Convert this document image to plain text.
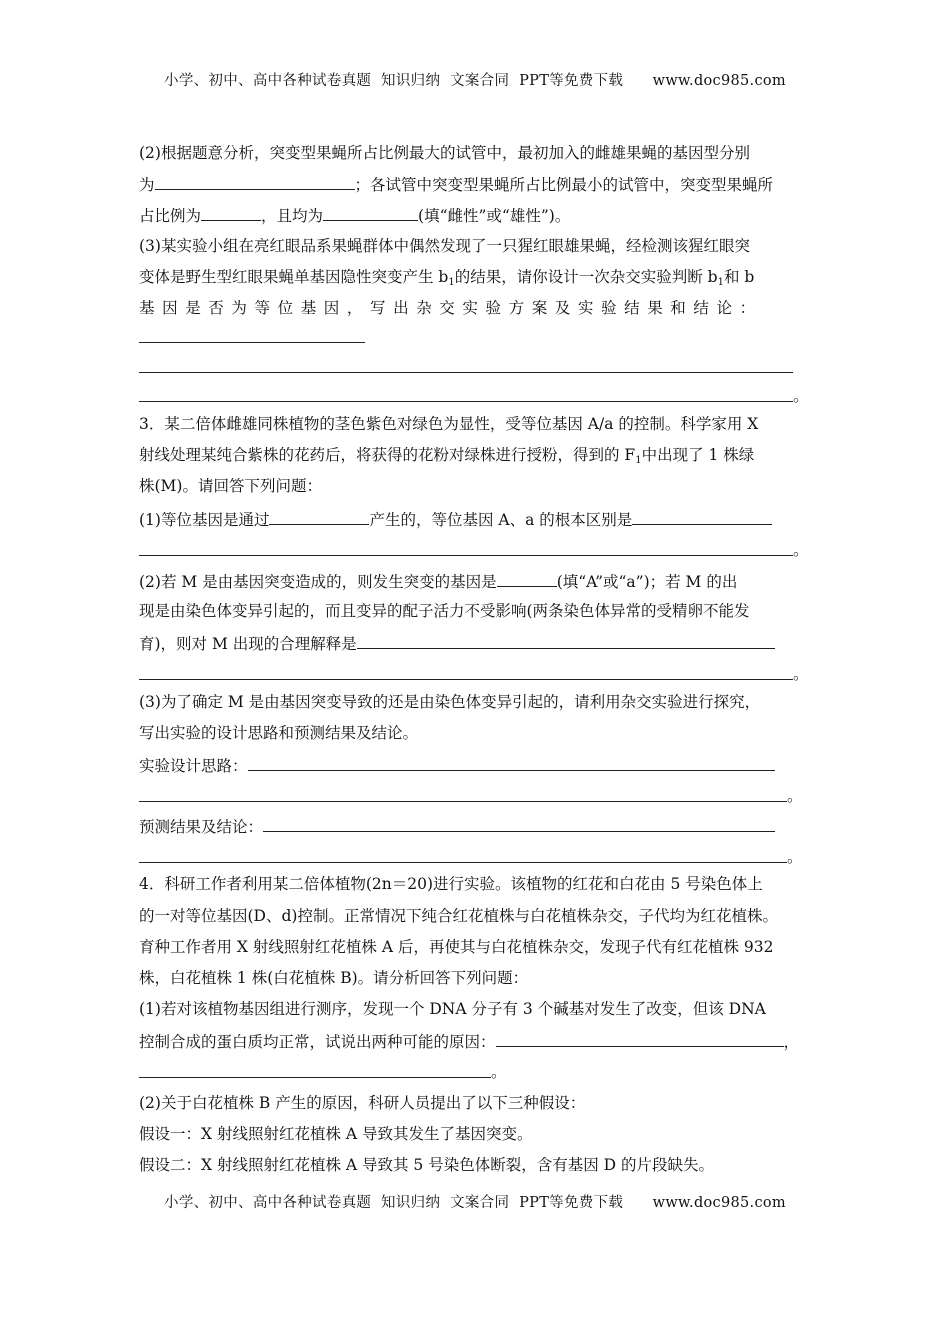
小学、初中、高中各种试卷真题  知识归纳  文案合同  PPT等免费下载      www.doc985.com
(2)根据题意分析，突变型果蝇所占比例最大的试管中，最初加入的雌雄果蝇的基因型分别
为	；各试管中突变型果蝇所占比例最小的试管中，突变型果蝇所
占比例为	，且均为	(填“雌性”或“雄性”)。
(3)某实验小组在亮红眼品系果蝇群体中偶然发现了一只猩红眼雄果蝇，经检测该猩红眼突
变体是野生型红眼果蝇单基因隐性突变产生 $b_1$的结果，请你设计一次杂交实验判断 $b_1$和 b
基因是否为等位基因，写出杂交实验方案及实验结果和结论：
。
3．某二倍体雌雄同株植物的茎色紫色对绿色为显性，受等位基因 A/a 的控制。科学家用 X
射线处理某纯合紫株的花药后，将获得的花粉对绿株进行授粉，得到的 $F_1$中出现了 1 株绿
株(M)。请回答下列问题：
(1)等位基因是通过	产生的，等位基因 A、a 的根本区别是
。
(2)若 M 是由基因突变造成的，则发生突变的基因是	(填“A”或“a”)；若 M 的出
现是由染色体变异引起的，而且变异的配子活力不受影响(两条染色体异常的受精卵不能发
育)，则对 M 出现的合理解释是
。
(3)为了确定 M 是由基因突变导致的还是由染色体变异引起的，请利用杂交实验进行探究，
写出实验的设计思路和预测结果及结论。
实验设计思路：
。
预测结果及结论：
。
4．科研工作者利用某二倍体植物(2n＝20)进行实验。该植物的红花和白花由 5 号染色体上
的一对等位基因(D、d)控制。正常情况下纯合红花植株与白花植株杂交，子代均为红花植株。
育种工作者用 X 射线照射红花植株 A 后，再使其与白花植株杂交，发现子代有红花植株 932
株，白花植株 1 株(白花植株 B)。请分析回答下列问题：
(1)若对该植物基因组进行测序，发现一个 DNA 分子有 3 个碱基对发生了改变，但该 DNA
控制合成的蛋白质均正常，试说出两种可能的原因：	，
。
(2)关于白花植株 B 产生的原因，科研人员提出了以下三种假设：
假设一：X 射线照射红花植株 A 导致其发生了基因突变。
假设二：X 射线照射红花植株 A 导致其 5 号染色体断裂，含有基因 D 的片段缺失。
小学、初中、高中各种试卷真题  知识归纳  文案合同  PPT等免费下载      www.doc985.com
